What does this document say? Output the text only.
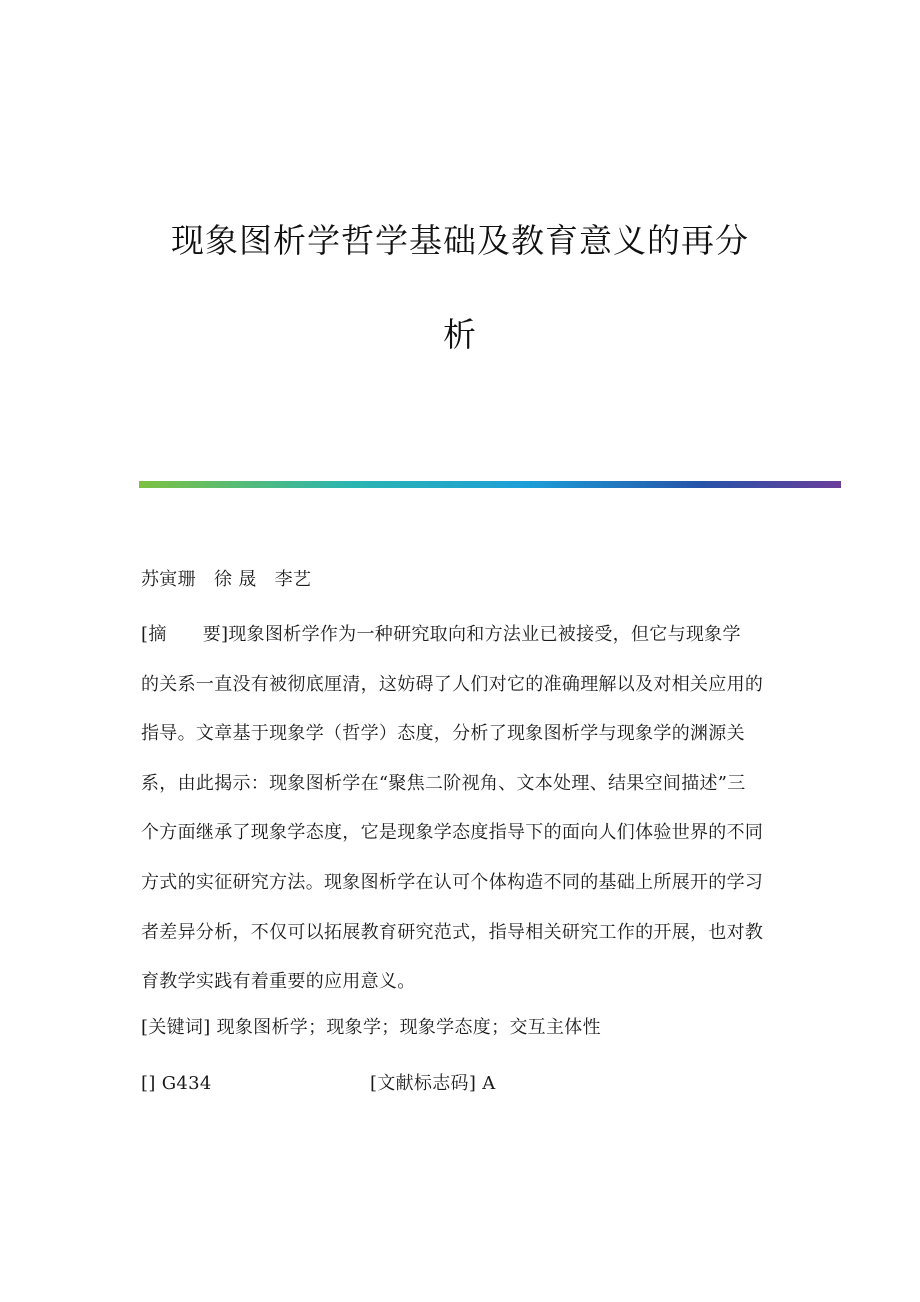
现象图析学哲学基础及教育意义的再分
析
苏寅珊   徐 晟   李艺
[摘      要]现象图析学作为一种研究取向和方法业已被接受，但它与现象学
的关系一直没有被彻底厘清，这妨碍了人们对它的准确理解以及对相关应用的
指导。文章基于现象学（哲学）态度，分析了现象图析学与现象学的渊源关
系，由此揭示：现象图析学在“聚焦二阶视角、文本处理、结果空间描述”三
个方面继承了现象学态度，它是现象学态度指导下的面向人们体验世界的不同
方式的实征研究方法。现象图析学在认可个体构造不同的基础上所展开的学习
者差异分析，不仅可以拓展教育研究范式，指导相关研究工作的开展，也对教
育教学实践有着重要的应用意义。
[关键词] 现象图析学；现象学；现象学态度；交互主体性
[] G434	[文献标志码] A
